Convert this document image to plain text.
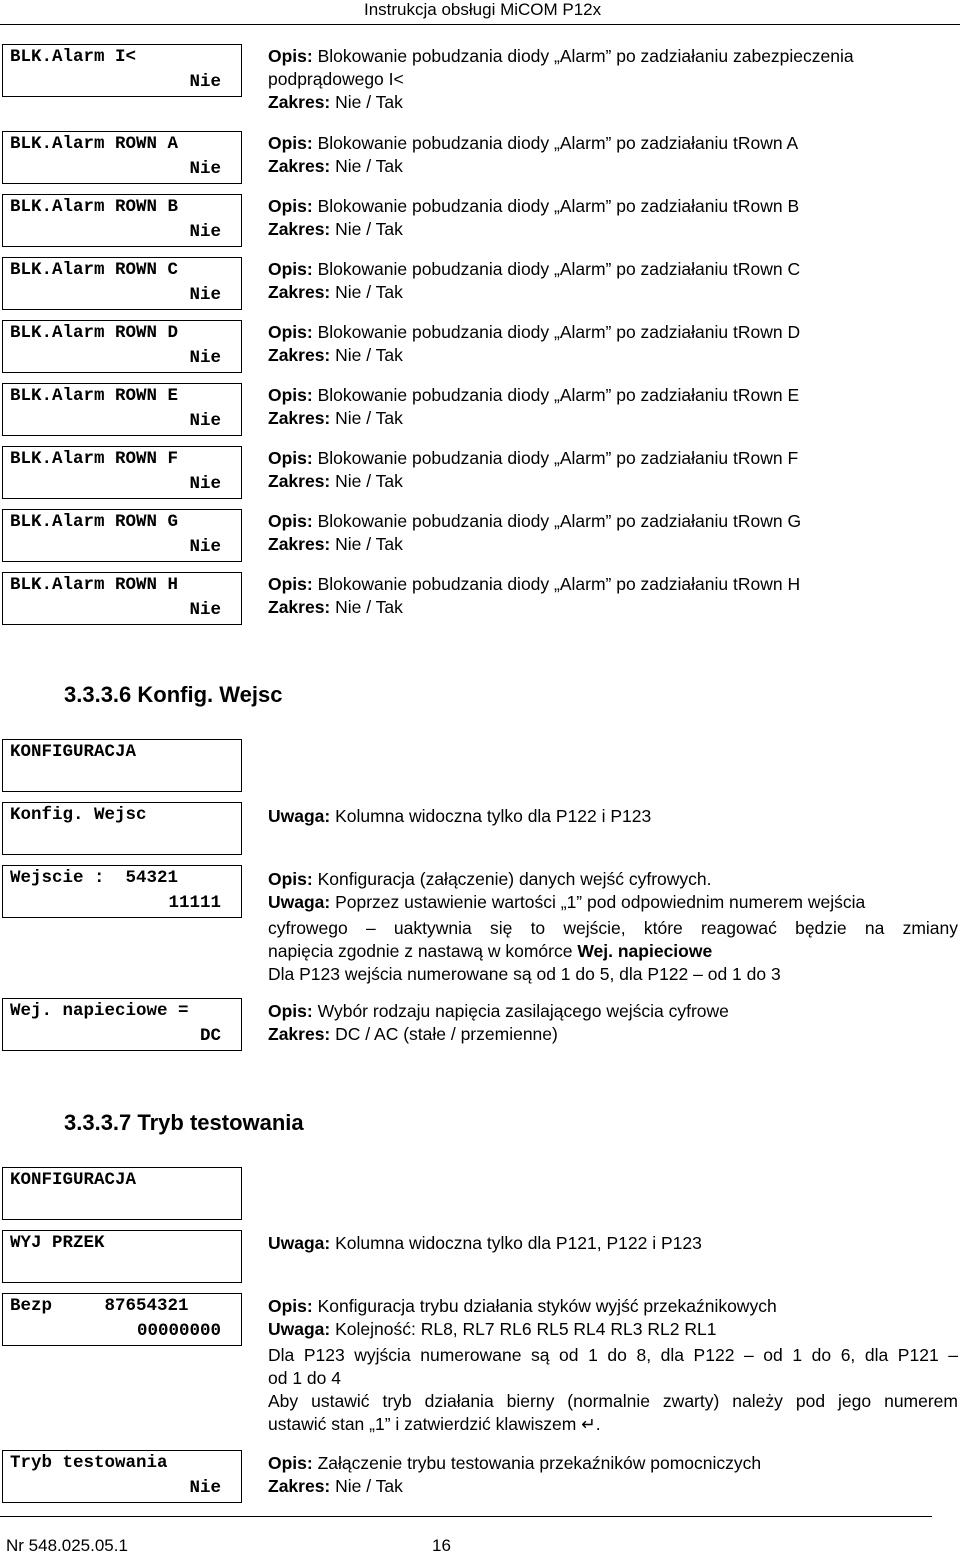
Instrukcja obsługi MiCOM P12x
BLK.Alarm I<
Nie
Opis: Blokowanie pobudzania diody „Alarm” po zadziałaniu zabezpieczenia
podprądowego I<
Zakres: Nie / Tak
BLK.Alarm ROWN A
Nie
Opis: Blokowanie pobudzania diody „Alarm” po zadziałaniu tRown A
Zakres: Nie / Tak
BLK.Alarm ROWN B
Nie
Opis: Blokowanie pobudzania diody „Alarm” po zadziałaniu tRown B
Zakres: Nie / Tak
BLK.Alarm ROWN C
Nie
Opis: Blokowanie pobudzania diody „Alarm” po zadziałaniu tRown C
Zakres: Nie / Tak
BLK.Alarm ROWN D
Nie
Opis: Blokowanie pobudzania diody „Alarm” po zadziałaniu tRown D
Zakres: Nie / Tak
BLK.Alarm ROWN E
Nie
Opis: Blokowanie pobudzania diody „Alarm” po zadziałaniu tRown E
Zakres: Nie / Tak
BLK.Alarm ROWN F
Nie
Opis: Blokowanie pobudzania diody „Alarm” po zadziałaniu tRown F
Zakres: Nie / Tak
BLK.Alarm ROWN G
Nie
Opis: Blokowanie pobudzania diody „Alarm” po zadziałaniu tRown G
Zakres: Nie / Tak
BLK.Alarm ROWN H
Nie
Opis: Blokowanie pobudzania diody „Alarm” po zadziałaniu tRown H
Zakres: Nie / Tak
3.3.3.6 Konfig. Wejsc
KONFIGURACJA
Konfig. Wejsc	Uwaga: Kolumna widoczna tylko dla P122 i P123
Wejscie :  54321
11111
Opis: Konfiguracja (załączenie) danych wejść cyfrowych.
Uwaga: Poprzez ustawienie wartości „1” pod odpowiednim numerem wejścia
cyfrowego – uaktywnia się to wejście, które reagować będzie na zmiany
napięcia zgodnie z nastawą w komórce Wej. napieciowe
Dla P123 wejścia numerowane są od 1 do 5, dla P122 – od 1 do 3
Wej. napieciowe =
DC
Opis: Wybór rodzaju napięcia zasilającego wejścia cyfrowe
Zakres: DC / AC (stałe / przemienne)
3.3.3.7 Tryb testowania
KONFIGURACJA
WYJ PRZEK	Uwaga: Kolumna widoczna tylko dla P121, P122 i P123
Bezp     87654321
00000000
Opis: Konfiguracja trybu działania styków wyjść przekaźnikowych
Uwaga: Kolejność: RL8, RL7 RL6 RL5 RL4 RL3 RL2 RL1
Dla P123 wyjścia numerowane są od 1 do 8, dla P122 – od 1 do 6, dla P121 –
od 1 do 4
Aby ustawić tryb działania bierny (normalnie zwarty) należy pod jego numerem
ustawić stan „1” i zatwierdzić klawiszem ↵.
Tryb testowania
Nie
Opis: Załączenie trybu testowania przekaźników pomocniczych
Zakres: Nie / Tak
Nr 548.025.05.1	16
